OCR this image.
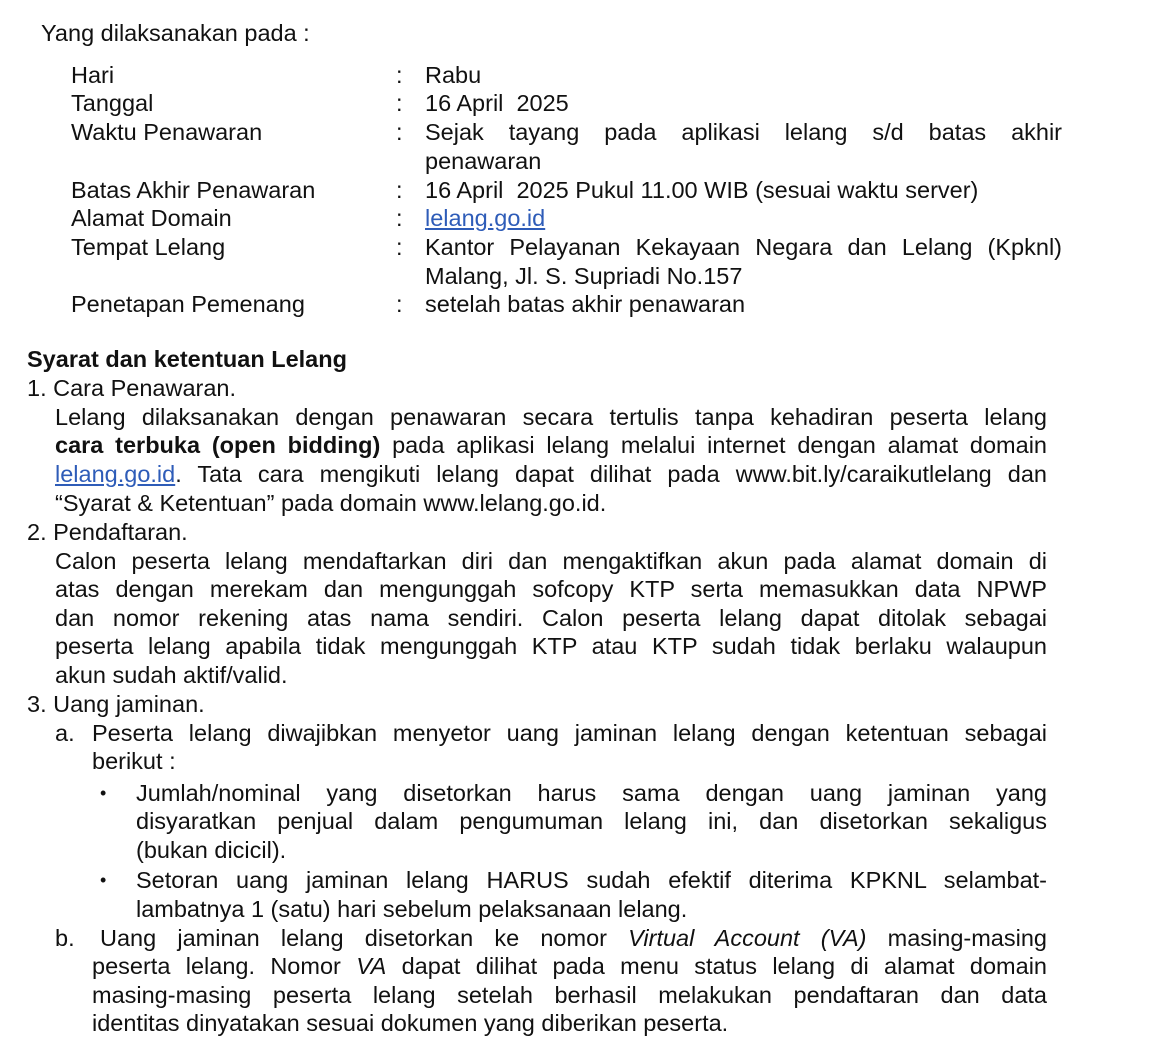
Yang dilaksanakan pada :
Hari	: Rabu
Tanggal	: 16 April  2025
Waktu Penawaran	: Sejak tayang pada aplikasi lelang s/d batas akhir
penawaran
Batas Akhir Penawaran	: 16 April  2025 Pukul 11.00 WIB (sesuai waktu server)
Alamat Domain	: lelang.go.id
Tempat Lelang	: Kantor Pelayanan Kekayaan Negara dan Lelang (Kpknl)
Malang, Jl. S. Supriadi No.157
Penetapan Pemenang	: setelah batas akhir penawaran
Syarat dan ketentuan Lelang
1. Cara Penawaran.
Lelang dilaksanakan dengan penawaran secara tertulis tanpa kehadiran peserta lelang
cara terbuka (open bidding) pada aplikasi lelang melalui internet dengan alamat domain
lelang.go.id. Tata cara mengikuti lelang dapat dilihat pada www.bit.ly/caraikutlelang dan
“Syarat & Ketentuan” pada domain www.lelang.go.id.
2. Pendaftaran.
Calon peserta lelang mendaftarkan diri dan mengaktifkan akun pada alamat domain di
atas dengan merekam dan mengunggah sofcopy KTP serta memasukkan data NPWP
dan nomor rekening atas nama sendiri. Calon peserta lelang dapat ditolak sebagai
peserta lelang apabila tidak mengunggah KTP atau KTP sudah tidak berlaku walaupun
akun sudah aktif/valid.
3. Uang jaminan.
a. Peserta lelang diwajibkan menyetor uang jaminan lelang dengan ketentuan sebagai
berikut :
• Jumlah/nominal yang disetorkan harus sama dengan uang jaminan yang
disyaratkan penjual dalam pengumuman lelang ini, dan disetorkan sekaligus
(bukan dicicil).
• Setoran uang jaminan lelang HARUS sudah efektif diterima KPKNL selambat-
lambatnya 1 (satu) hari sebelum pelaksanaan lelang.
b. Uang jaminan lelang disetorkan ke nomor Virtual Account (VA) masing-masing
peserta lelang. Nomor VA dapat dilihat pada menu status lelang di alamat domain
masing-masing peserta lelang setelah berhasil melakukan pendaftaran dan data
identitas dinyatakan sesuai dokumen yang diberikan peserta.
